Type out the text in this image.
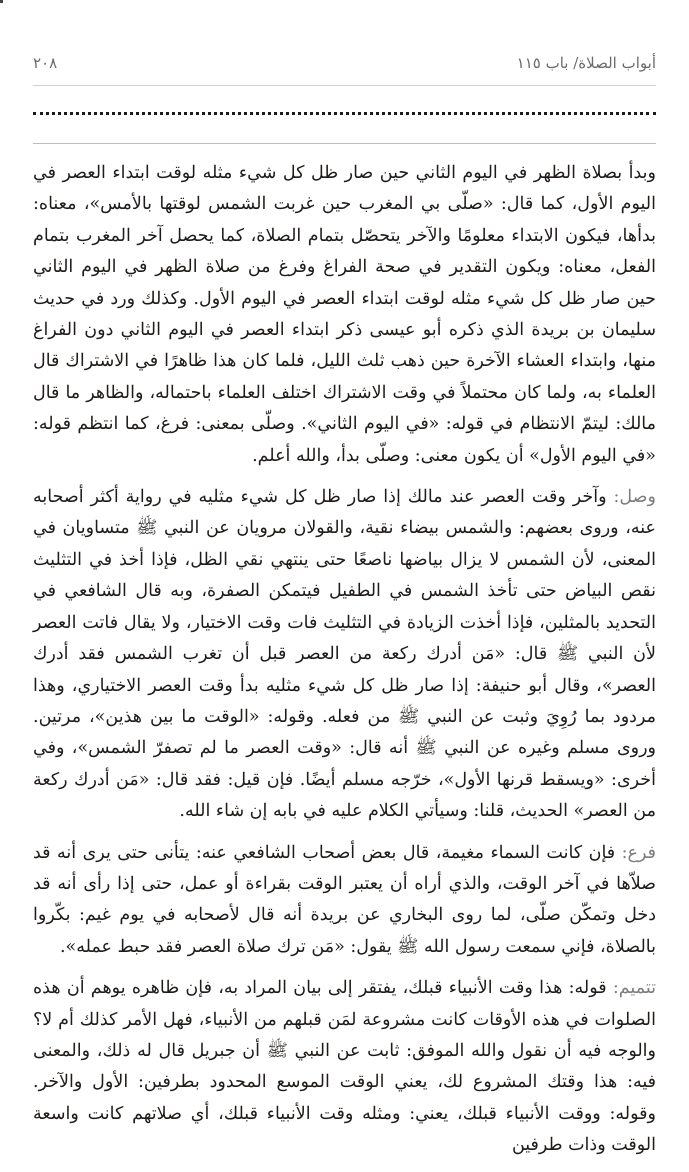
٢٠٨	أبواب الصلاة/ باب ١١٥

وبدأ بصلاة الظهر في اليوم الثاني حين صار ظل كل شيء مثله لوقت ابتداء العصر في اليوم الأول، كما قال: «صلّى بي المغرب حين غربت الشمس لوقتها بالأمس»، معناه: بدأها، فيكون الابتداء معلومًا والآخر يتحصّل بتمام الصلاة، كما يحصل آخر المغرب بتمام الفعل، معناه: ويكون التقدير في صحة الفراغ وفرغ من صلاة الظهر في اليوم الثاني حين صار ظل كل شيء مثله لوقت ابتداء العصر في اليوم الأول. وكذلك ورد في حديث سليمان بن بريدة الذي ذكره أبو عيسى ذكر ابتداء العصر في اليوم الثاني دون الفراغ منها، وابتداء العشاء الآخرة حين ذهب ثلث الليل، فلما كان هذا ظاهرًا في الاشتراك قال العلماء به، ولما كان محتملاً في وقت الاشتراك اختلف العلماء باحتماله، والظاهر ما قال مالك: ليتمّ الانتظام في قوله: «في اليوم الثاني». وصلّى بمعنى: فرغ، كما انتظم قوله: «في اليوم الأول» أن يكون معنى: وصلّى بدأ، والله أعلم.

وصل: وآخر وقت العصر عند مالك إذا صار ظل كل شيء مثليه في رواية أكثر أصحابه عنه، وروى بعضهم: والشمس بيضاء نقية، والقولان مرويان عن النبي ﷺ متساويان في المعنى، لأن الشمس لا يزال بياضها ناصعًا حتى ينتهي نقي الظل، فإذا أخذ في التثليث نقص البياض حتى تأخذ الشمس في الطفيل فيتمكن الصفرة، وبه قال الشافعي في التحديد بالمثلين، فإذا أخذت الزيادة في التثليث فات وقت الاختيار، ولا يقال فاتت العصر لأن النبي ﷺ قال: «مَن أدرك ركعة من العصر قبل أن تغرب الشمس فقد أدرك العصر»، وقال أبو حنيفة: إذا صار ظل كل شيء مثليه بدأ وقت العصر الاختياري، وهذا مردود بما رُوِيَ وثبت عن النبي ﷺ من فعله. وقوله: «الوقت ما بين هذين»، مرتين. وروى مسلم وغيره عن النبي ﷺ أنه قال: «وقت العصر ما لم تصفرّ الشمس»، وفي أخرى: «ويسقط قرنها الأول»، خرّجه مسلم أيضًا. فإن قيل: فقد قال: «مَن أدرك ركعة من العصر» الحديث، قلنا: وسيأتي الكلام عليه في بابه إن شاء الله.

فرع: فإن كانت السماء مغيمة، قال بعض أصحاب الشافعي عنه: يتأنى حتى يرى أنه قد صلاّها في آخر الوقت، والذي أراه أن يعتبر الوقت بقراءة أو عمل، حتى إذا رأى أنه قد دخل وتمكّن صلّى، لما روى البخاري عن بريدة أنه قال لأصحابه في يوم غيم: بكّروا بالصلاة، فإني سمعت رسول الله ﷺ يقول: «مَن ترك صلاة العصر فقد حبط عمله».

تتميم: قوله: هذا وقت الأنبياء قبلك، يفتقر إلى بيان المراد به، فإن ظاهره يوهم أن هذه الصلوات في هذه الأوقات كانت مشروعة لمَن قبلهم من الأنبياء، فهل الأمر كذلك أم لا؟ والوجه فيه أن نقول والله الموفق: ثابت عن النبي ﷺ أن جبريل قال له ذلك، والمعنى فيه: هذا وقتك المشروع لك، يعني الوقت الموسع المحدود بطرفين: الأول والآخر. وقوله: ووقت الأنبياء قبلك، يعني: ومثله وقت الأنبياء قبلك، أي صلاتهم كانت واسعة الوقت وذات طرفين
